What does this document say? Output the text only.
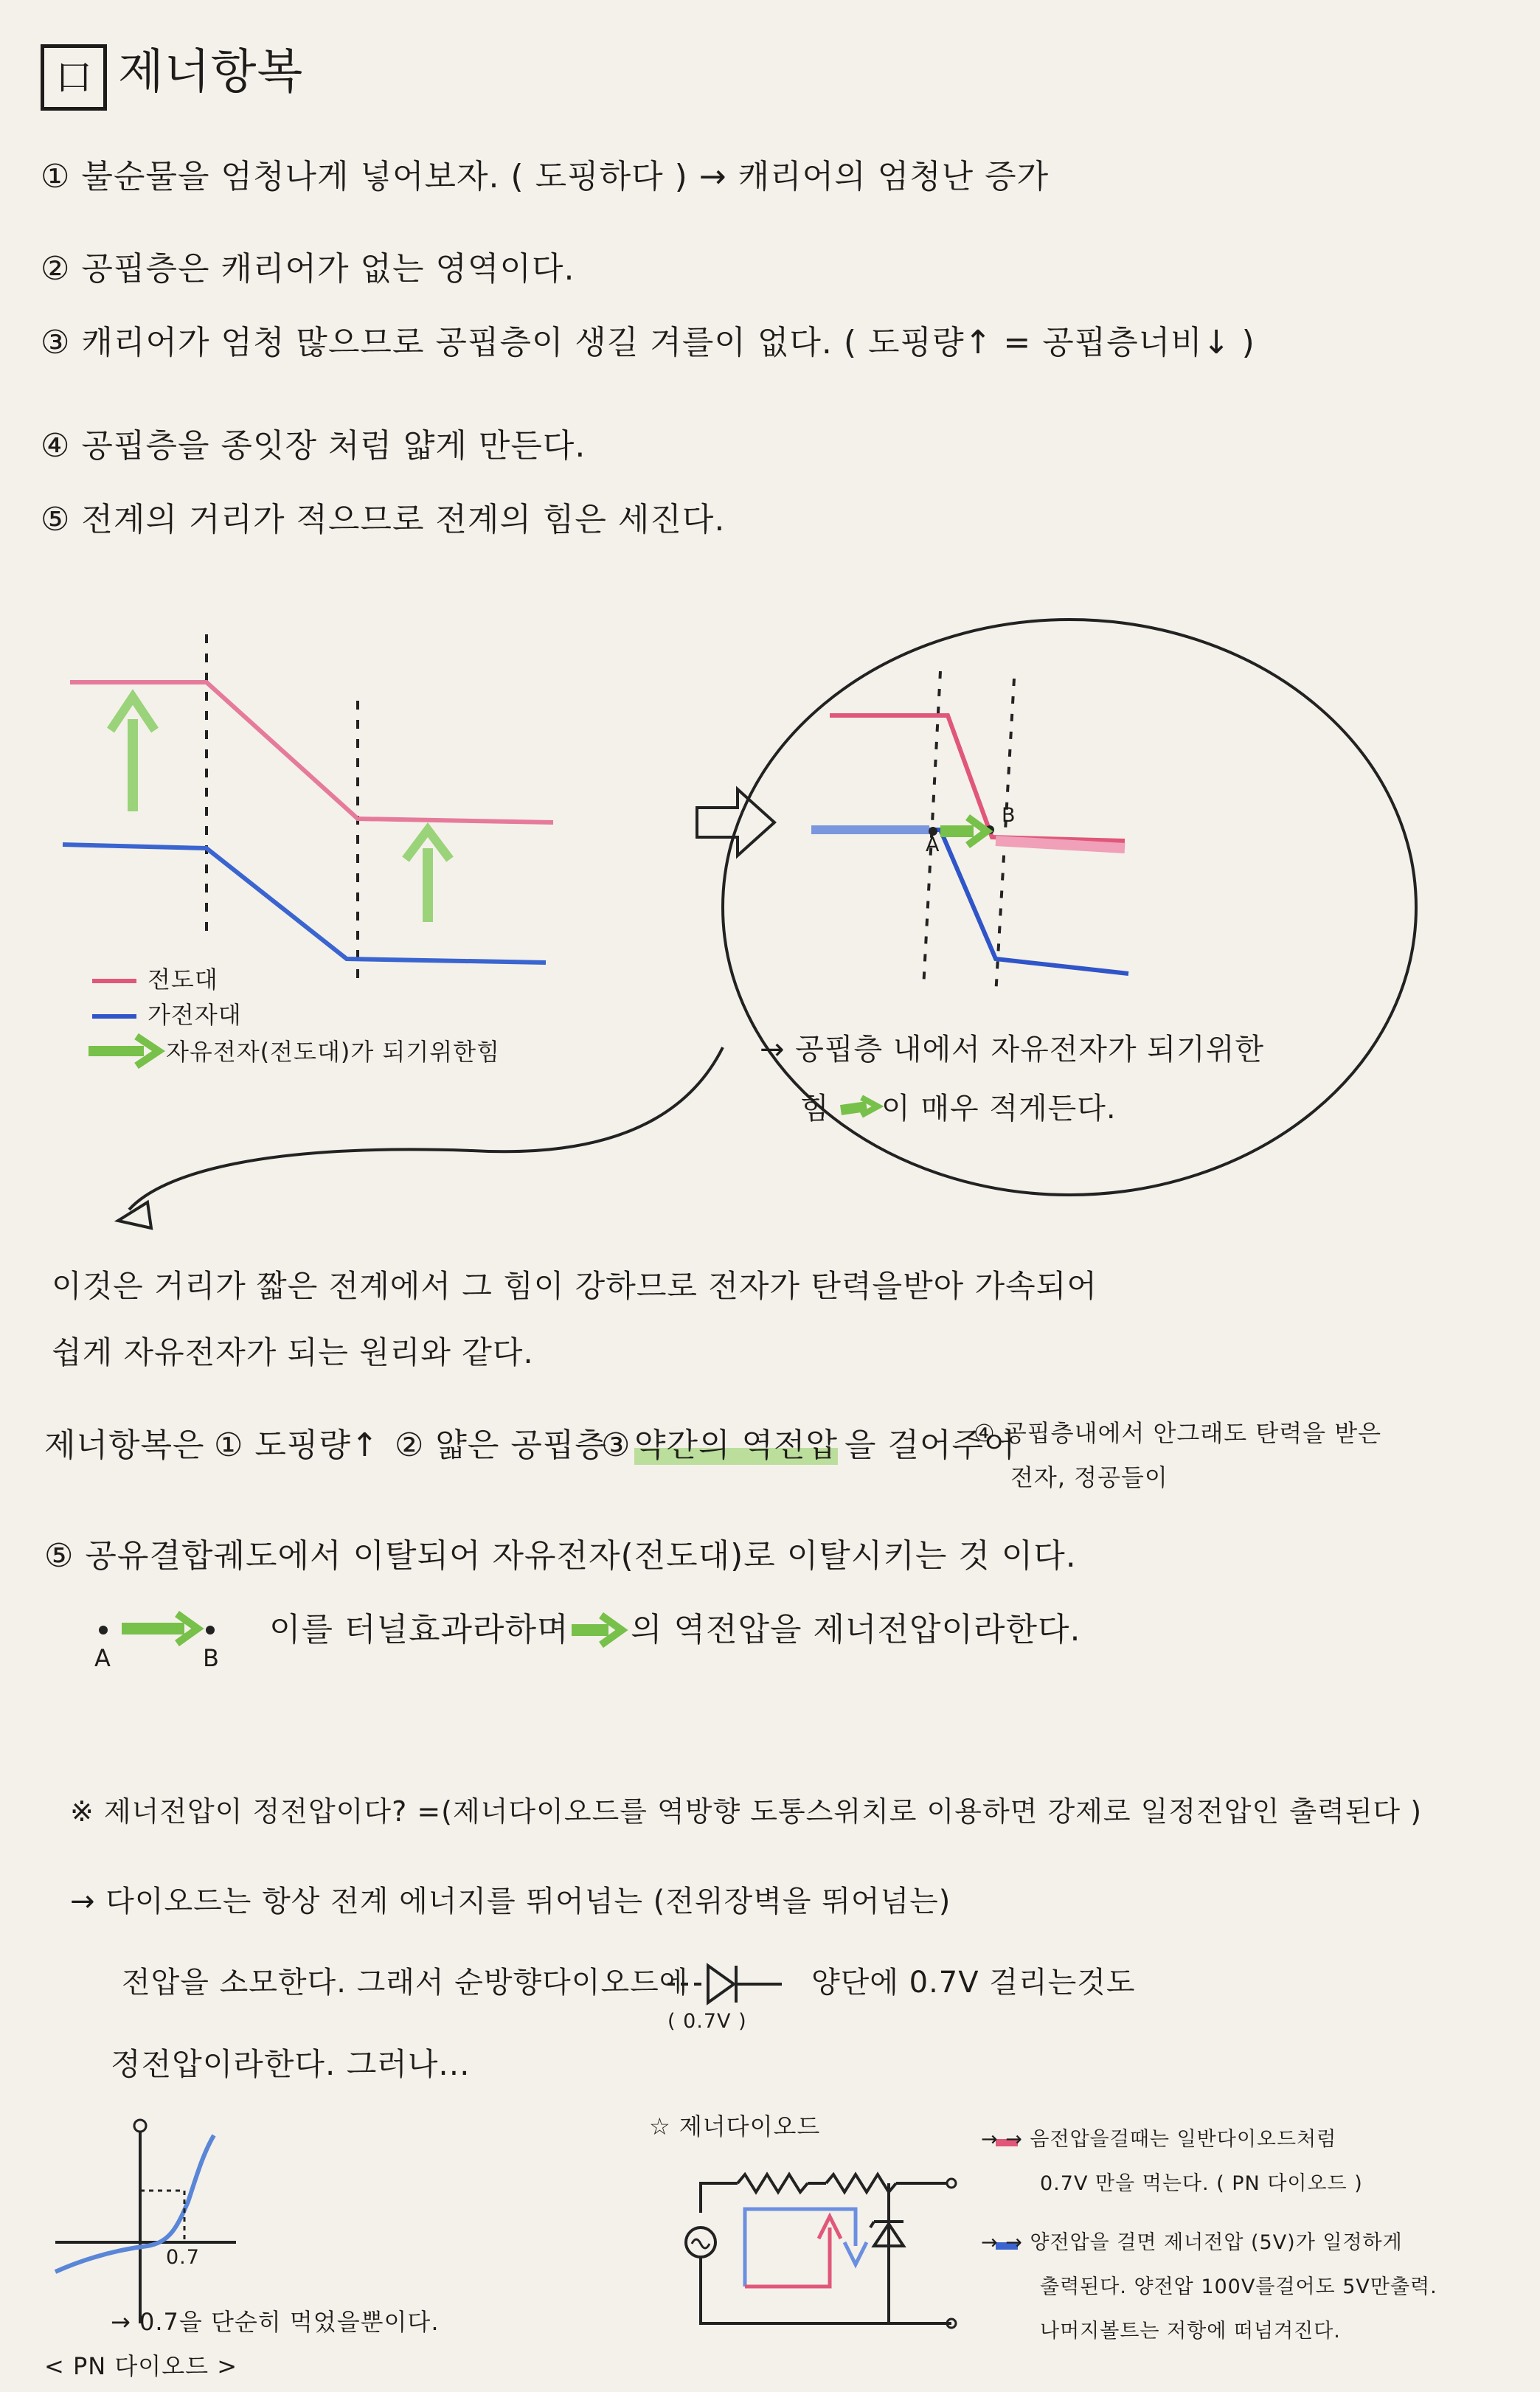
口 제너항복
① 불순물을 엄청나게 넣어보자. ( 도핑하다 ) → 캐리어의 엄청난 증가
② 공핍층은 캐리어가 없는 영역이다.
③ 캐리어가 엄청 많으므로 공핍층이 생길 겨를이 없다. ( 도핑량↑ = 공핍층너비↓ )
④ 공핍층을 종잇장 처럼 얇게 만든다.
⑤ 전계의 거리가 적으므로 전계의 힘은 세진다.
전도대
가전자대
자유전자(전도대)가 되기위한힘
A
B
→ 공핍층 내에서 자유전자가 되기위한
힘 이 매우 적게든다.
이것은 거리가 짧은 전계에서 그 힘이 강하므로 전자가 탄력을받아 가속되어
쉽게 자유전자가 되는 원리와 같다.
제너항복은 ① 도핑량↑ ② 얇은 공핍층
③ 약간의 역전압 을 걸어주어
④ 공핍층내에서 안그래도 탄력을 받은
전자, 정공들이
⑤ 공유결합궤도에서 이탈되어 자유전자(전도대)로 이탈시키는 것 이다.
A	B
이를 터널효과라하며 의 역전압을 제너전압이라한다.
※ 제너전압이 정전압이다? =(제너다이오드를 역방향 도통스위치로 이용하면 강제로 일정전압인 출력된다 )
→ 다이오드는 항상 전계 에너지를 뛰어넘는 (전위장벽을 뛰어넘는)
전압을 소모한다. 그래서 순방향다이오드에
( 0.7V )
양단에 0.7V 걸리는것도
정전압이라한다. 그러나...
0.7
→ 0.7을 단순히 먹었을뿐이다.
< PN 다이오드 >
☆ 제너다이오드	→ → 음전압을걸때는 일반다이오드처럼
0.7V 만을 먹는다. ( PN 다이오드 )
→ → 양전압을 걸면 제너전압 (5V)가 일정하게
출력된다. 양전압 100V를걸어도 5V만출력.
나머지볼트는 저항에 떠넘겨진다.
